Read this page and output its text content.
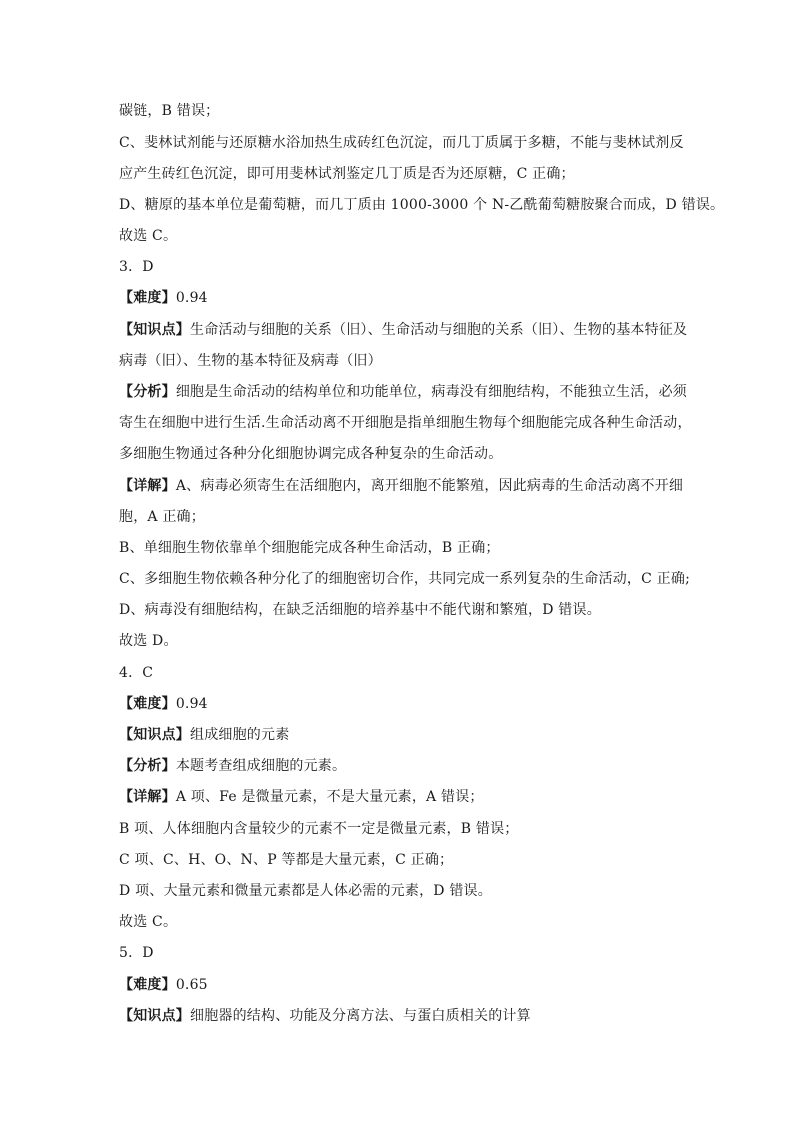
碳链，B 错误；
C、斐林试剂能与还原糖水浴加热生成砖红色沉淀，而几丁质属于多糖，不能与斐林试剂反
应产生砖红色沉淀，即可用斐林试剂鉴定几丁质是否为还原糖，C 正确；
D、糖原的基本单位是葡萄糖，而几丁质由 1000-3000 个 N-乙酰葡萄糖胺聚合而成，D 错误。
故选 C。
3．D
【难度】0.94
【知识点】生命活动与细胞的关系（旧）、生命活动与细胞的关系（旧）、生物的基本特征及
病毒（旧）、生物的基本特征及病毒（旧）
【分析】细胞是生命活动的结构单位和功能单位，病毒没有细胞结构，不能独立生活，必须
寄生在细胞中进行生活.生命活动离不开细胞是指单细胞生物每个细胞能完成各种生命活动，
多细胞生物通过各种分化细胞协调完成各种复杂的生命活动。
【详解】A、病毒必须寄生在活细胞内，离开细胞不能繁殖，因此病毒的生命活动离不开细
胞，A 正确；
B、单细胞生物依靠单个细胞能完成各种生命活动，B 正确；
C、多细胞生物依赖各种分化了的细胞密切合作，共同完成一系列复杂的生命活动，C 正确;
D、病毒没有细胞结构，在缺乏活细胞的培养基中不能代谢和繁殖，D 错误。
故选 D。
4．C
【难度】0.94
【知识点】组成细胞的元素
【分析】本题考查组成细胞的元素。
【详解】A 项、Fe 是微量元素，不是大量元素，A 错误；
B 项、人体细胞内含量较少的元素不一定是微量元素，B 错误；
C 项、C、H、O、N、P 等都是大量元素，C 正确；
D 项、大量元素和微量元素都是人体必需的元素，D 错误。
故选 C。
5．D
【难度】0.65
【知识点】细胞器的结构、功能及分离方法、与蛋白质相关的计算
